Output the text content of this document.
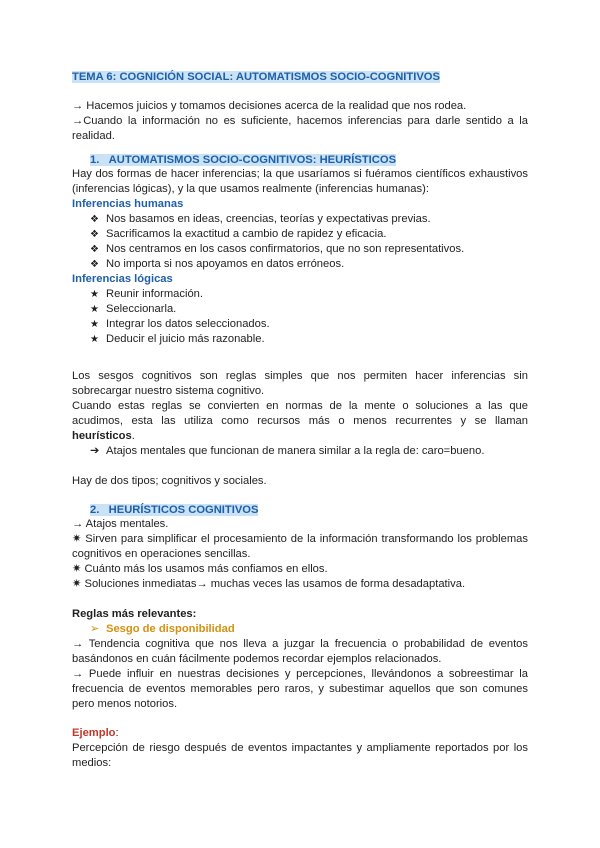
TEMA 6: COGNICIÓN SOCIAL: AUTOMATISMOS SOCIO-COGNITIVOS

→ Hacemos juicios y tomamos decisiones acerca de la realidad que nos rodea.

→Cuando la información no es suficiente, hacemos inferencias para darle sentido a la realidad.

1. AUTOMATISMOS SOCIO-COGNITIVOS: HEURÍSTICOS

Hay dos formas de hacer inferencias; la que usaríamos si fuéramos científicos exhaustivos (inferencias lógicas), y la que usamos realmente (inferencias humanas):

Inferencias humanas

❖ Nos basamos en ideas, creencias, teorías y expectativas previas.
❖ Sacrificamos la exactitud a cambio de rapidez y eficacia.
❖ Nos centramos en los casos confirmatorios, que no son representativos.
❖ No importa si nos apoyamos en datos erróneos.

Inferencias lógicas

★ Reunir información.
★ Seleccionarla.
★ Integrar los datos seleccionados.
★ Deducir el juicio más razonable.

Los sesgos cognitivos son reglas simples que nos permiten hacer inferencias sin sobrecargar nuestro sistema cognitivo.

Cuando estas reglas se convierten en normas de la mente o soluciones a las que acudimos, esta las utiliza como recursos más o menos recurrentes y se llaman heurísticos.

➔ Atajos mentales que funcionan de manera similar a la regla de: caro=bueno.

Hay de dos tipos; cognitivos y sociales.

2. HEURÍSTICOS COGNITIVOS

→ Atajos mentales.

✷ Sirven para simplificar el procesamiento de la información transformando los problemas cognitivos en operaciones sencillas.

✷ Cuánto más los usamos más confiamos en ellos.

✷ Soluciones inmediatas→ muchas veces las usamos de forma desadaptativa.

Reglas más relevantes:

➢ Sesgo de disponibilidad

→ Tendencia cognitiva que nos lleva a juzgar la frecuencia o probabilidad de eventos basándonos en cuán fácilmente podemos recordar ejemplos relacionados.

→ Puede influir en nuestras decisiones y percepciones, llevándonos a sobreestimar la frecuencia de eventos memorables pero raros, y subestimar aquellos que son comunes pero menos notorios.

Ejemplo:

Percepción de riesgo después de eventos impactantes y ampliamente reportados por los medios:
